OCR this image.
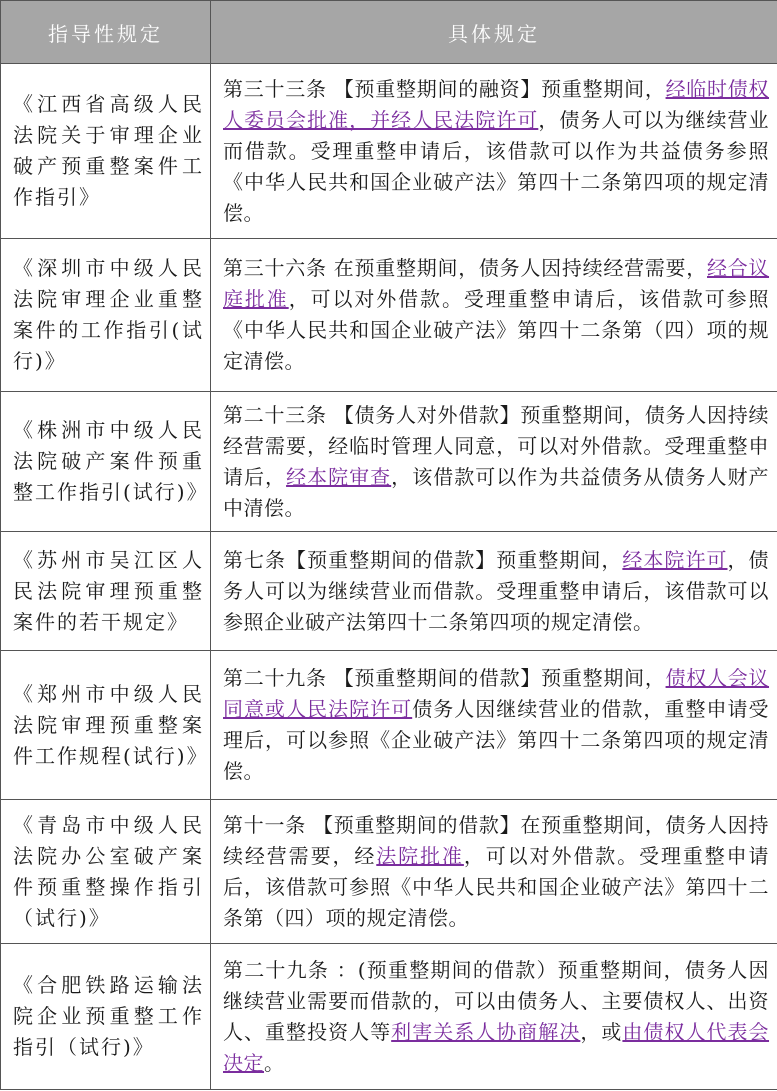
指导性规定	具体规定
《江西省高级人民法院关于审理企业破产预重整案件工作指引》	第三十三条 【预重整期间的融资】预重整期间，经临时债权人委员会批准，并经人民法院许可，债务人可以为继续营业而借款。受理重整申请后，该借款可以作为共益债务参照《中华人民共和国企业破产法》第四十二条第四项的规定清偿。
《深圳市中级人民法院审理企业重整案件的工作指引(试行)》	第三十六条 在预重整期间，债务人因持续经营需要，经合议庭批准，可以对外借款。受理重整申请后，该借款可参照《中华人民共和国企业破产法》第四十二条第（四）项的规定清偿。
《株洲市中级人民法院破产案件预重整工作指引(试行)》	第二十三条 【债务人对外借款】预重整期间，债务人因持续经营需要，经临时管理人同意，可以对外借款。受理重整申请后，经本院审查，该借款可以作为共益债务从债务人财产中清偿。
《苏州市吴江区人民法院审理预重整案件的若干规定》	第七条【预重整期间的借款】预重整期间，经本院许可，债务人可以为继续营业而借款。受理重整申请后，该借款可以参照企业破产法第四十二条第四项的规定清偿。
《郑州市中级人民法院审理预重整案件工作规程(试行)》	第二十九条 【预重整期间的借款】预重整期间，债权人会议同意或人民法院许可债务人因继续营业的借款，重整申请受理后，可以参照《企业破产法》第四十二条第四项的规定清偿。
《青岛市中级人民法院办公室破产案件预重整操作指引（试行)》	第十一条 【预重整期间的借款】在预重整期间，债务人因持续经营需要，经法院批准，可以对外借款。受理重整申请后，该借款可参照《中华人民共和国企业破产法》第四十二条第（四）项的规定清偿。
《合肥铁路运输法院企业预重整工作指引（试行)》	第二十九条 ：(预重整期间的借款）预重整期间，债务人因继续营业需要而借款的，可以由债务人、主要债权人、出资人、重整投资人等利害关系人协商解决，或由债权人代表会决定。
